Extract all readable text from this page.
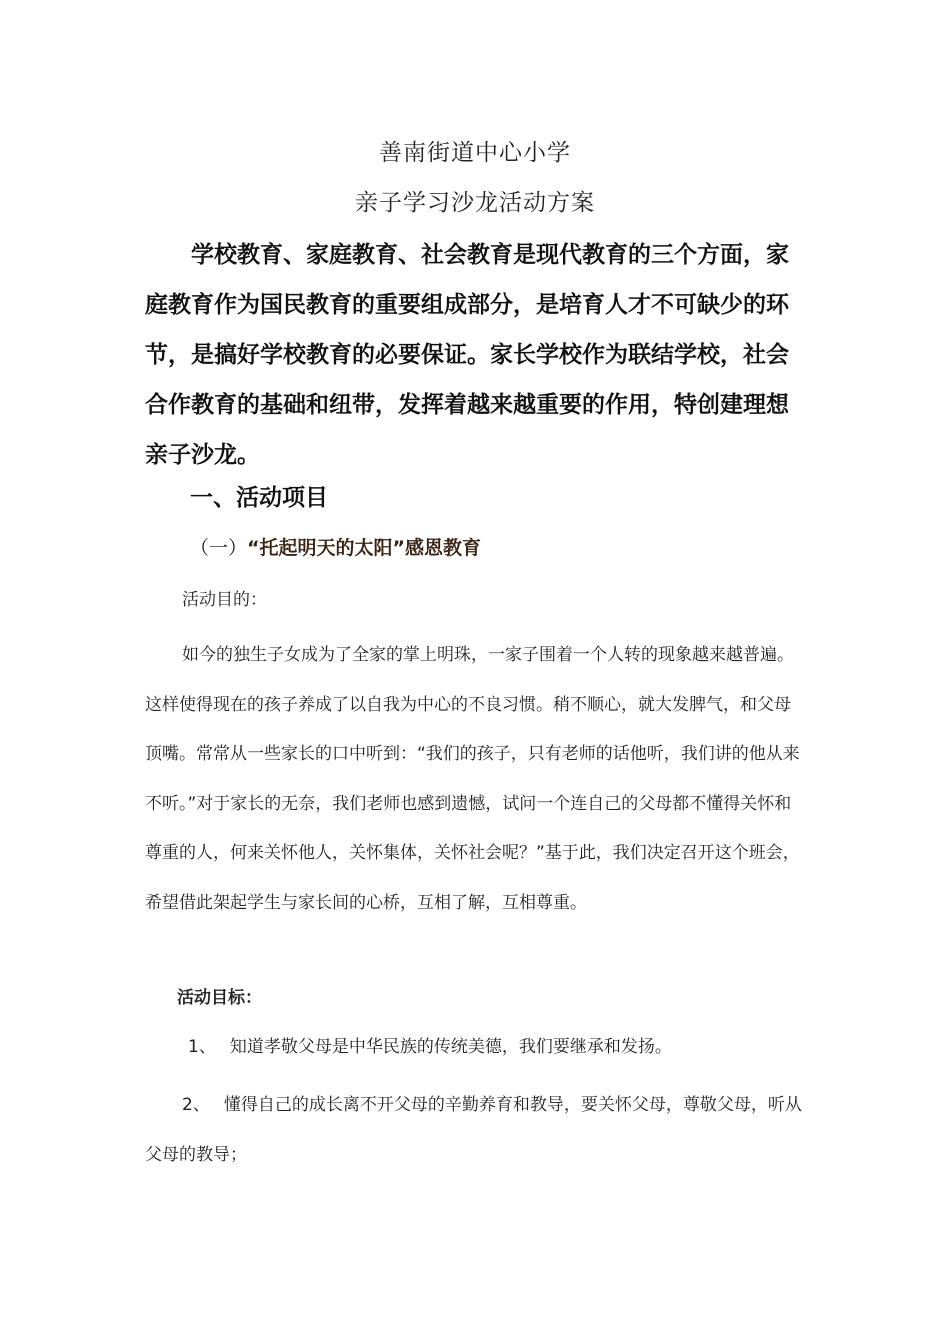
善南街道中心小学
亲子学习沙龙活动方案

学校教育、家庭教育、社会教育是现代教育的三个方面，家庭教育作为国民教育的重要组成部分，是培育人才不可缺少的环节，是搞好学校教育的必要保证。家长学校作为联结学校，社会合作教育的基础和纽带，发挥着越来越重要的作用，特创建理想亲子沙龙。

一、活动项目
（一）“托起明天的太阳”感恩教育
活动目的：

如今的独生子女成为了全家的掌上明珠，一家子围着一个人转的现象越来越普遍。这样使得现在的孩子养成了以自我为中心的不良习惯。稍不顺心，就大发脾气，和父母顶嘴。常常从一些家长的口中听到：“我们的孩子，只有老师的话他听，我们讲的他从来不听。”对于家长的无奈，我们老师也感到遗憾，试问一个连自己的父母都不懂得关怀和尊重的人，何来关怀他人，关怀集体，关怀社会呢？”基于此，我们决定召开这个班会，希望借此架起学生与家长间的心桥，互相了解，互相尊重。

活动目标：

1、 知道孝敬父母是中华民族的传统美德，我们要继承和发扬。

2、 懂得自己的成长离不开父母的辛勤养育和教导，要关怀父母，尊敬父母，听从父母的教导；
